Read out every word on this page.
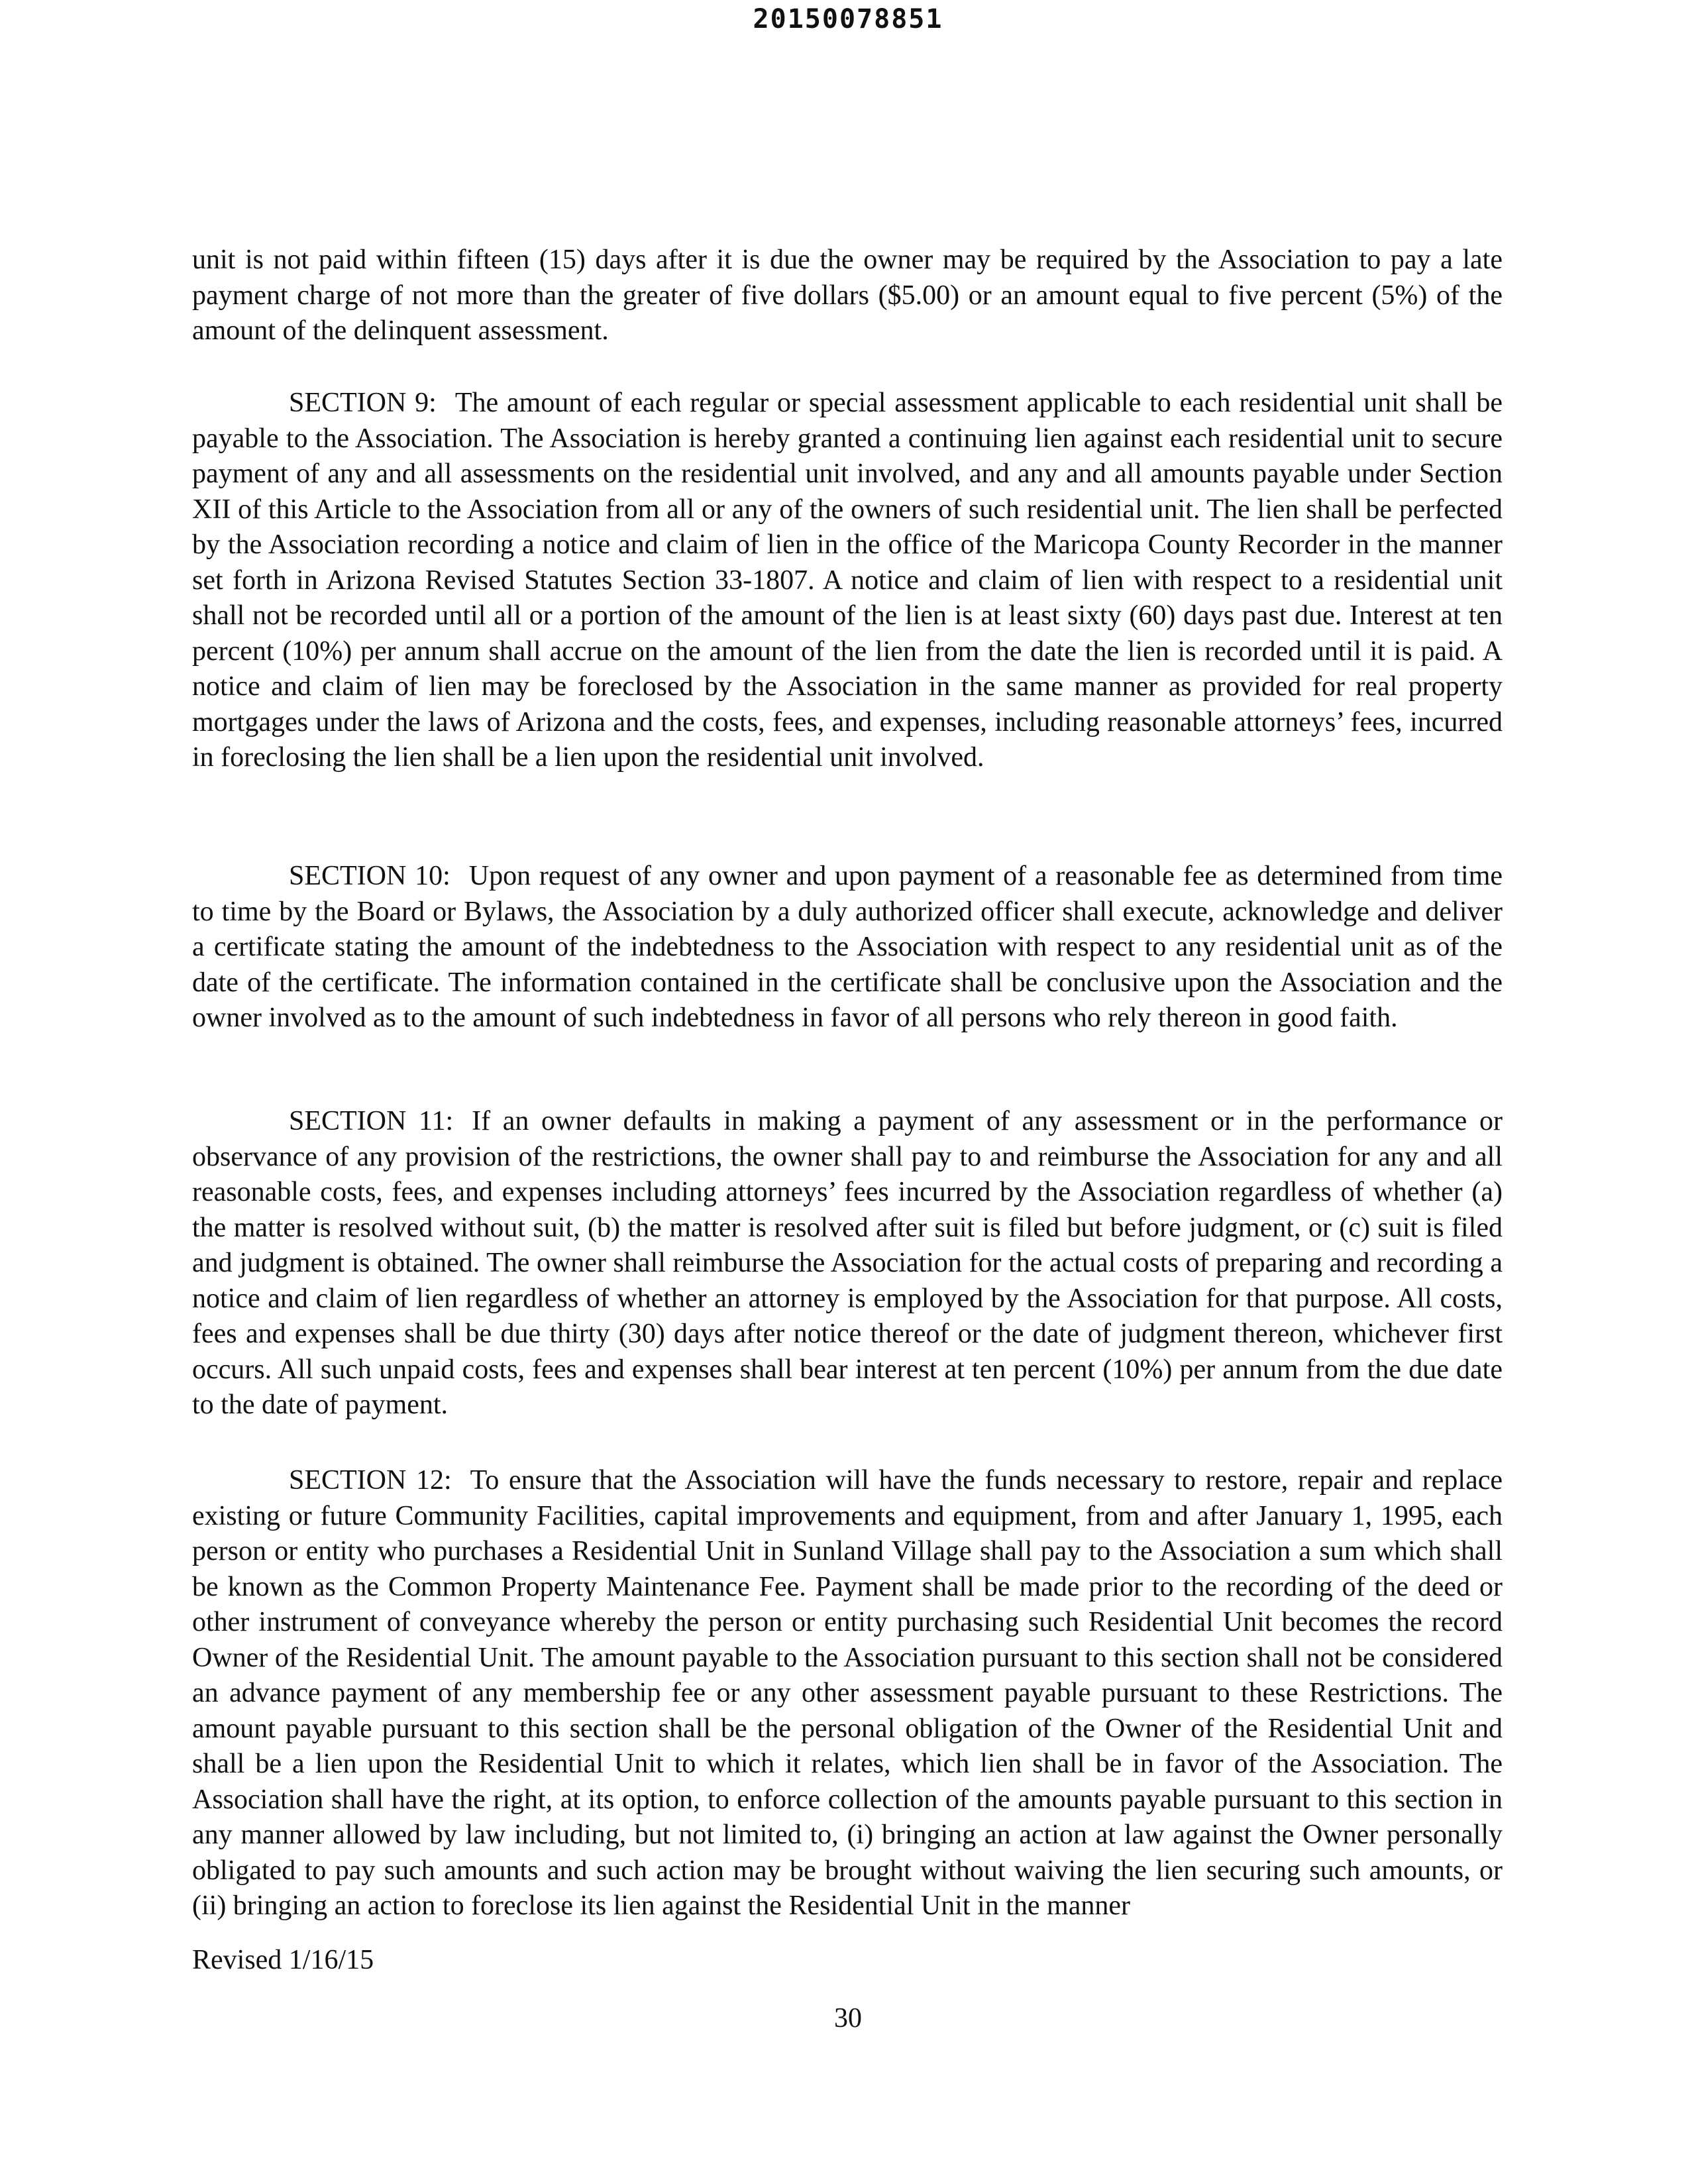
20150078851

unit is not paid within fifteen (15) days after it is due the owner may be required by the Association to pay a late payment charge of not more than the greater of five dollars ($5.00) or an amount equal to five percent (5%) of the amount of the delinquent assessment.

SECTION 9: The amount of each regular or special assessment applicable to each residential unit shall be payable to the Association. The Association is hereby granted a continuing lien against each residential unit to secure payment of any and all assessments on the residential unit involved, and any and all amounts payable under Section XII of this Article to the Association from all or any of the owners of such residential unit. The lien shall be perfected by the Association recording a notice and claim of lien in the office of the Maricopa County Recorder in the manner set forth in Arizona Revised Statutes Section 33-1807. A notice and claim of lien with respect to a residential unit shall not be recorded until all or a portion of the amount of the lien is at least sixty (60) days past due. Interest at ten percent (10%) per annum shall accrue on the amount of the lien from the date the lien is recorded until it is paid. A notice and claim of lien may be foreclosed by the Association in the same manner as provided for real property mortgages under the laws of Arizona and the costs, fees, and expenses, including reasonable attorneys’ fees, incurred in foreclosing the lien shall be a lien upon the residential unit involved.

SECTION 10: Upon request of any owner and upon payment of a reasonable fee as determined from time to time by the Board or Bylaws, the Association by a duly authorized officer shall execute, acknowledge and deliver a certificate stating the amount of the indebtedness to the Association with respect to any residential unit as of the date of the certificate. The information contained in the certificate shall be conclusive upon the Association and the owner involved as to the amount of such indebtedness in favor of all persons who rely thereon in good faith.

SECTION 11: If an owner defaults in making a payment of any assessment or in the performance or observance of any provision of the restrictions, the owner shall pay to and reimburse the Association for any and all reasonable costs, fees, and expenses including attorneys’ fees incurred by the Association regardless of whether (a) the matter is resolved without suit, (b) the matter is resolved after suit is filed but before judgment, or (c) suit is filed and judgment is obtained. The owner shall reimburse the Association for the actual costs of preparing and recording a notice and claim of lien regardless of whether an attorney is employed by the Association for that purpose. All costs, fees and expenses shall be due thirty (30) days after notice thereof or the date of judgment thereon, whichever first occurs. All such unpaid costs, fees and expenses shall bear interest at ten percent (10%) per annum from the due date to the date of payment.

SECTION 12: To ensure that the Association will have the funds necessary to restore, repair and replace existing or future Community Facilities, capital improvements and equipment, from and after January 1, 1995, each person or entity who purchases a Residential Unit in Sunland Village shall pay to the Association a sum which shall be known as the Common Property Maintenance Fee. Payment shall be made prior to the recording of the deed or other instrument of conveyance whereby the person or entity purchasing such Residential Unit becomes the record Owner of the Residential Unit. The amount payable to the Association pursuant to this section shall not be considered an advance payment of any membership fee or any other assessment payable pursuant to these Restrictions. The amount payable pursuant to this section shall be the personal obligation of the Owner of the Residential Unit and shall be a lien upon the Residential Unit to which it relates, which lien shall be in favor of the Association. The Association shall have the right, at its option, to enforce collection of the amounts payable pursuant to this section in any manner allowed by law including, but not limited to, (i) bringing an action at law against the Owner personally obligated to pay such amounts and such action may be brought without waiving the lien securing such amounts, or (ii) bringing an action to foreclose its lien against the Residential Unit in the manner

Revised 1/16/15
30
